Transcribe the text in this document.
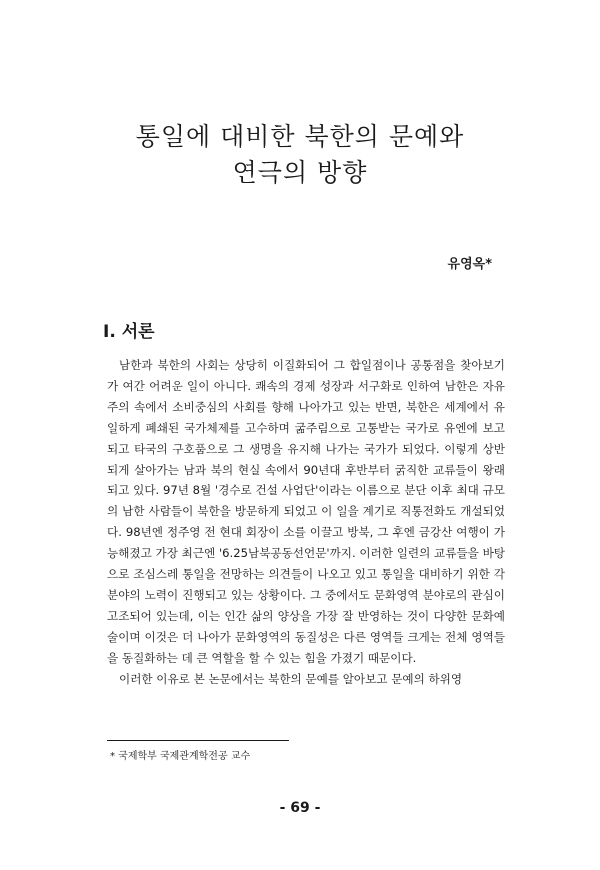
통일에 대비한 북한의 문예와
연극의 방향
유영옥*
Ⅰ. 서론

남한과 북한의 사회는 상당히 이질화되어 그 합일점이나 공통점을 찾아보기가 여간 어려운 일이 아니다. 쾌속의 경제 성장과 서구화로 인하여 남한은 자유주의 속에서 소비중심의 사회를 향해 나아가고 있는 반면, 북한은 세계에서 유일하게 폐쇄된 국가체제를 고수하며 굶주림으로 고통받는 국가로 유엔에 보고되고 타국의 구호품으로 그 생명을 유지해 나가는 국가가 되었다. 이렇게 상반되게 살아가는 남과 북의 현실 속에서 90년대 후반부터 굵직한 교류들이 왕래되고 있다. 97년 8월 '경수로 건설 사업단'이라는 이름으로 분단 이후 최대 규모의 남한 사람들이 북한을 방문하게 되었고 이 일을 계기로 직통전화도 개설되었다. 98년엔 정주영 전 현대 회장이 소를 이끌고 방북, 그 후엔 금강산 여행이 가능해졌고 가장 최근엔 '6.25남북공동선언문'까지. 이러한 일련의 교류들을 바탕으로 조심스레 통일을 전망하는 의견들이 나오고 있고 통일을 대비하기 위한 각 분야의 노력이 진행되고 있는 상황이다. 그 중에서도 문화영역 분야로의 관심이 고조되어 있는데, 이는 인간 삶의 양상을 가장 잘 반영하는 것이 다양한 문화예술이며 이것은 더 나아가 문화영역의 동질성은 다른 영역들 크게는 전체 영역들을 동질화하는 데 큰 역할을 할 수 있는 힘을 가졌기 때문이다.

이러한 이유로 본 논문에서는 북한의 문예를 알아보고 문예의 하위영

* 국제학부 국제관계학전공 교수
- 69 -
